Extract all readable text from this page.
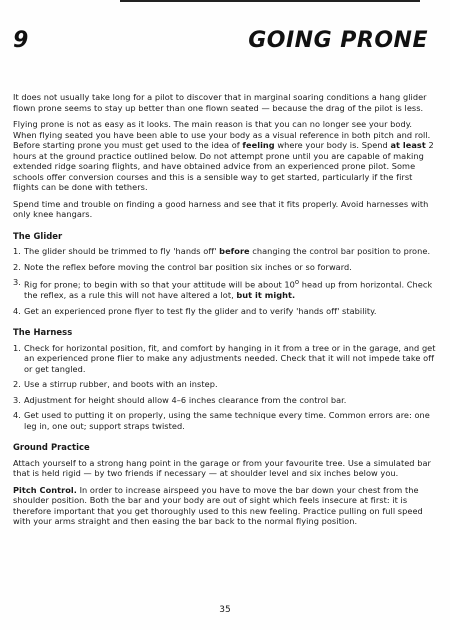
9	GOING PRONE

It does not usually take long for a pilot to discover that in marginal soaring conditions a hang glider flown prone seems to stay up better than one flown seated — because the drag of the pilot is less.

Flying prone is not as easy as it looks. The main reason is that you can no longer see your body. When flying seated you have been able to use your body as a visual reference in both pitch and roll. Before starting prone you must get used to the idea of feeling where your body is. Spend at least 2 hours at the ground practice outlined below. Do not attempt prone until you are capable of making extended ridge soaring flights, and have obtained advice from an experienced prone pilot. Some schools offer conversion courses and this is a sensible way to get started, particularly if the first flights can be done with tethers.

Spend time and trouble on finding a good harness and see that it fits properly. Avoid harnesses with only knee hangars.

The Glider
1. The glider should be trimmed to fly 'hands off' before changing the control bar position to prone.
2. Note the reflex before moving the control bar position six inches or so forward.
3. Rig for prone; to begin with so that your attitude will be about 10$^o$ head up from horizontal. Check the reflex, as a rule this will not have altered a lot, but it might.
4. Get an experienced prone flyer to test fly the glider and to verify 'hands off' stability.
The Harness
1. Check for horizontal position, fit, and comfort by hanging in it from a tree or in the garage, and get an experienced prone flier to make any adjustments needed. Check that it will not impede take off or get tangled.
2. Use a stirrup rubber, and boots with an instep.
3. Adjustment for height should allow 4–6 inches clearance from the control bar.
4. Get used to putting it on properly, using the same technique every time. Common errors are: one leg in, one out; support straps twisted.
Ground Practice

Attach yourself to a strong hang point in the garage or from your favourite tree. Use a simulated bar that is held rigid — by two friends if necessary — at shoulder level and six inches below you.

Pitch Control. In order to increase airspeed you have to move the bar down your chest from the shoulder position. Both the bar and your body are out of sight which feels insecure at first: it is therefore important that you get thoroughly used to this new feeling. Practice pulling on full speed with your arms straight and then easing the bar back to the normal flying position.

35
